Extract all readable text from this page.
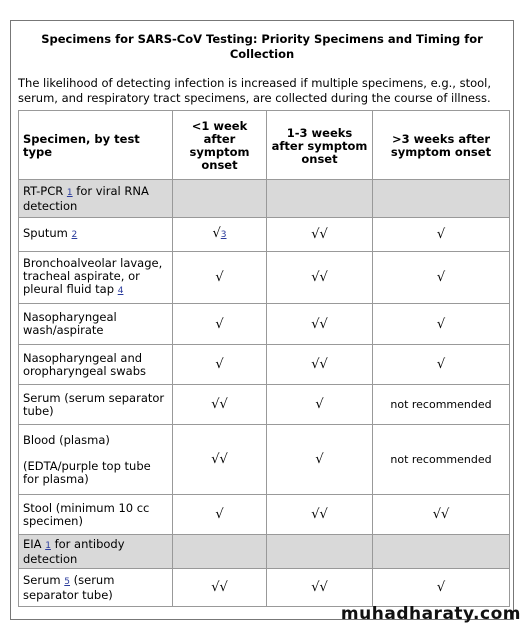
Specimens for SARS-CoV Testing: Priority Specimens and Timing for Collection
The likelihood of detecting infection is increased if multiple specimens, e.g., stool, serum, and respiratory tract specimens, are collected during the course of illness.
Specimen, by test type	<1 week after symptom onset	1-3 weeks after symptom onset	>3 weeks after symptom onset
RT-PCR 1 for viral RNA detection			
Sputum 2	√3	√√	√
Bronchoalveolar lavage, tracheal aspirate, or pleural fluid tap 4	√	√√	√
Nasopharyngeal wash/aspirate	√	√√	√
Nasopharyngeal and oropharyngeal swabs	√	√√	√
Serum (serum separator tube)	√√	√	not recommended
Blood (plasma)

(EDTA/purple top tube for plasma)	√√	√	not recommended
Stool (minimum 10 cc specimen)	√	√√	√√
EIA 1 for antibody detection			
Serum 5 (serum separator tube)	√√	√√	√
muhadharaty.com
